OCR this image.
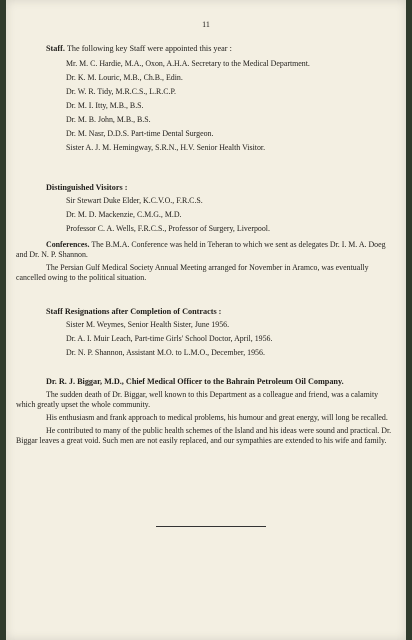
11
Staff. The following key Staff were appointed this year :
Mr. M. C. Hardie, M.A., Oxon, A.H.A. Secretary to the Medical Department.
Dr. K. M. Louric, M.B., Ch.B., Edin.
Dr. W. R. Tidy, M.R.C.S., L.R.C.P.
Dr. M. I. Itty, M.B., B.S.
Dr. M. B. John, M.B., B.S.
Dr. M. Nasr, D.D.S. Part-time Dental Surgeon.
Sister A. J. M. Hemingway, S.R.N., H.V. Senior Health Visitor.
Distinguished Visitors :
Sir Stewart Duke Elder, K.C.V.O., F.R.C.S.
Dr. M. D. Mackenzie, C.M.G., M.D.
Professor C. A. Wells, F.R.C.S., Professor of Surgery, Liverpool.

Conferences. The B.M.A. Conference was held in Teheran to which we sent as delegates Dr. I. M. A. Doeg and Dr. N. P. Shannon.

The Persian Gulf Medical Society Annual Meeting arranged for November in Aramco, was eventually cancelled owing to the political situation.

Staff Resignations after Completion of Contracts :
Sister M. Weymes, Senior Health Sister, June 1956.
Dr. A. I. Muir Leach, Part-time Girls' School Doctor, April, 1956.
Dr. N. P. Shannon, Assistant M.O. to L.M.O., December, 1956.
Dr. R. J. Biggar, M.D., Chief Medical Officer to the Bahrain Petroleum Oil Company.

The sudden death of Dr. Biggar, well known to this Department as a colleague and friend, was a calamity which greatly upset the whole community.

His enthusiasm and frank approach to medical problems, his humour and great energy, will long be recalled.

He contributed to many of the public health schemes of the Island and his ideas were sound and practical. Dr. Biggar leaves a great void. Such men are not easily replaced, and our sympathies are extended to his wife and family.
